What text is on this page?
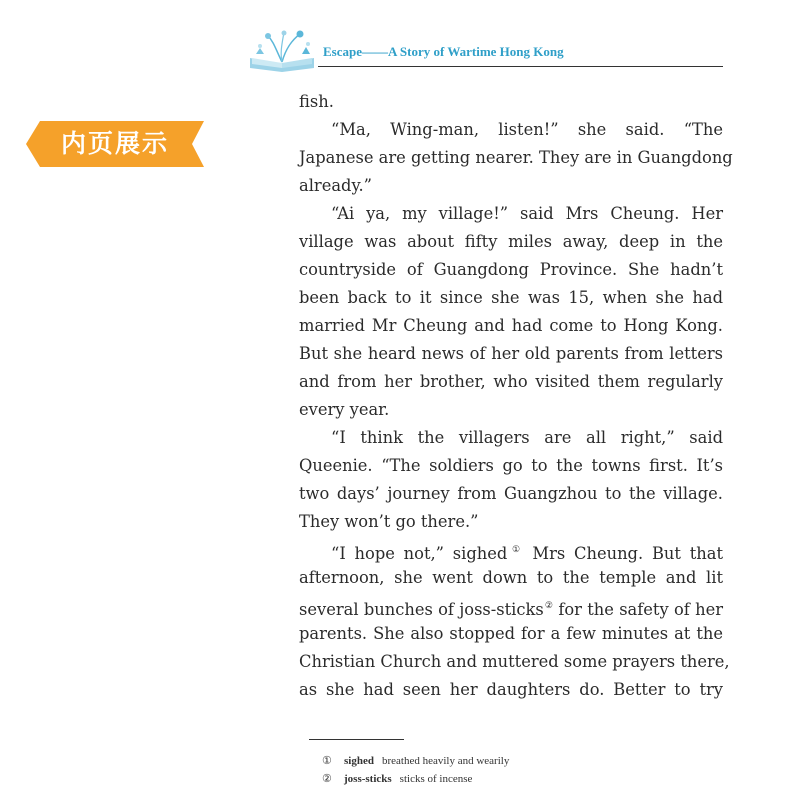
Escape——A Story of Wartime Hong Kong
内页展示
fish.
“Ma, Wing-man, listen!” she said. “The
Japanese are getting nearer. They are in Guangdong
already.”
“Ai ya, my village!” said Mrs Cheung. Her
village was about fifty miles away, deep in the
countryside of Guangdong Province. She hadn’t
been back to it since she was 15, when she had
married Mr Cheung and had come to Hong Kong.
But she heard news of her old parents from letters
and from her brother, who visited them regularly
every year.
“I think the villagers are all right,” said
Queenie. “The soldiers go to the towns first. It’s
two days’ journey from Guangzhou to the village.
They won’t go there.”
“I hope not,” sighed① Mrs Cheung. But that
afternoon, she went down to the temple and lit
several bunches of joss-sticks② for the safety of her
parents. She also stopped for a few minutes at the
Christian Church and muttered some prayers there,
as she had seen her daughters do. Better to try
① sighed breathed heavily and wearily
② joss-sticks sticks of incense
